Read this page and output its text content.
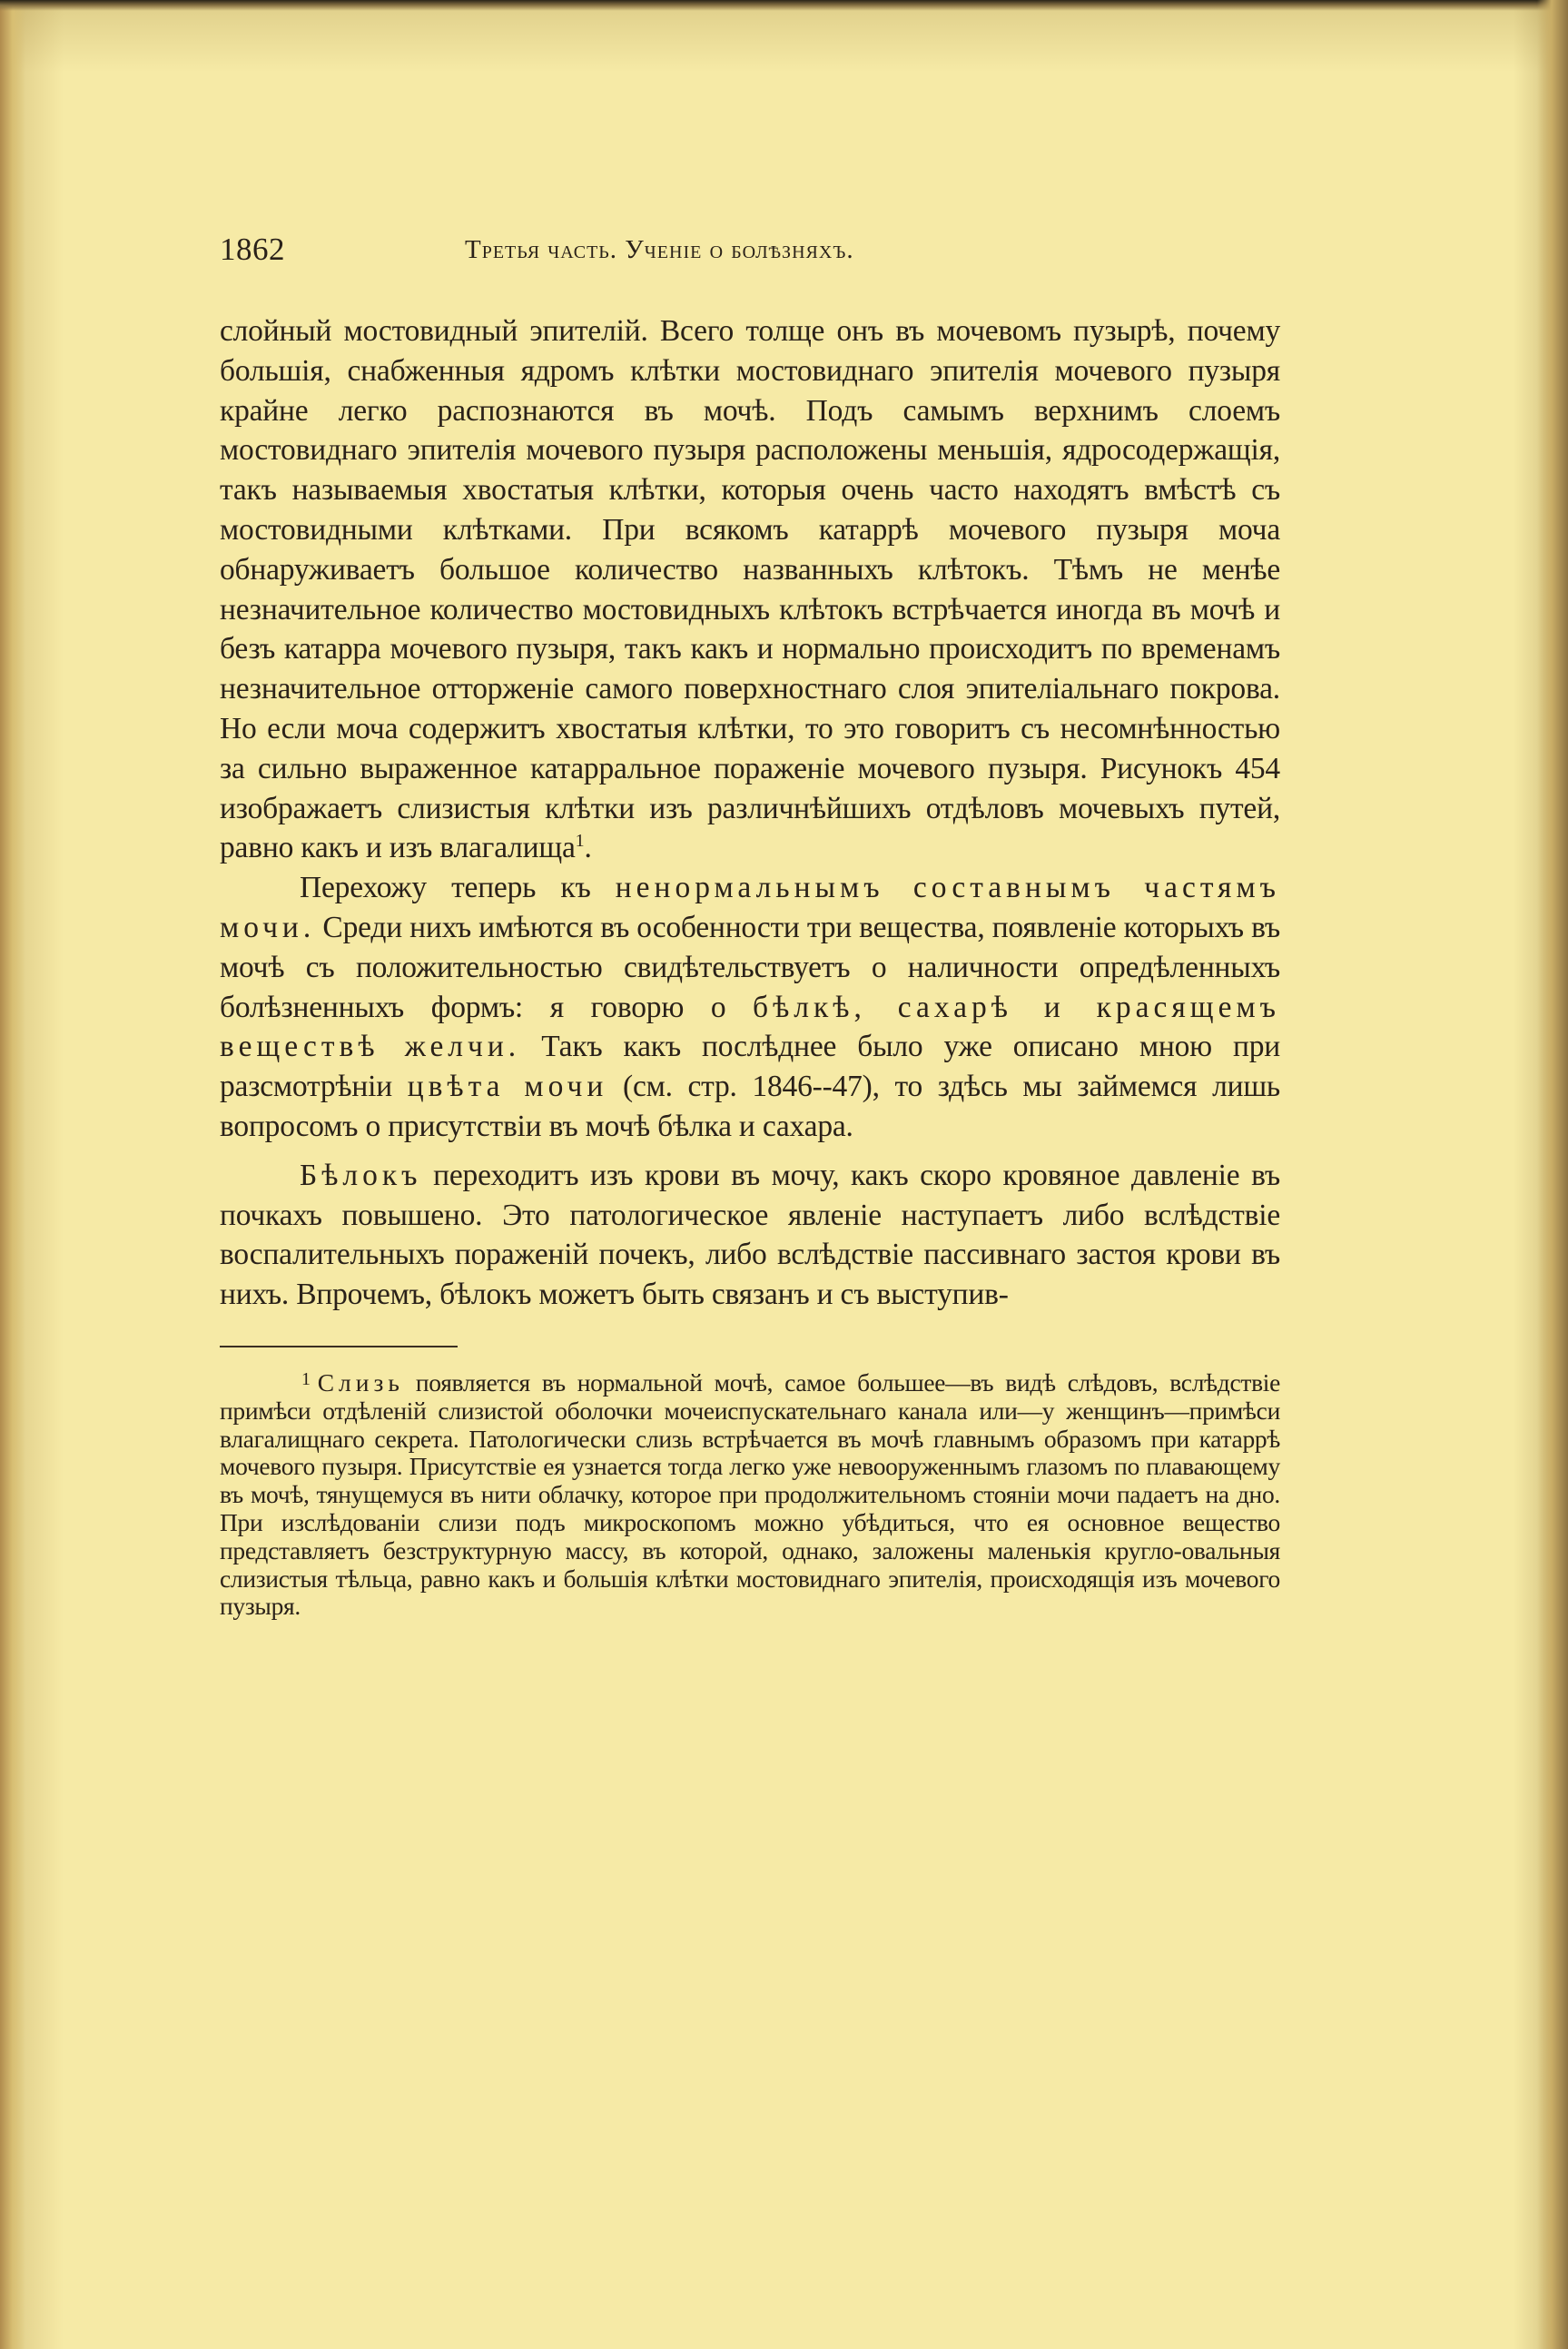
1862	Третья часть. Ученіе о болѣзняхъ.

слойный мостовидный эпителій. Всего толще онъ въ мочевомъ пузырѣ, почему большія, снабженныя ядромъ клѣтки мостовиднаго эпителія мочевого пузыря крайне легко распознаются въ мочѣ. Подъ самымъ верхнимъ слоемъ мостовиднаго эпителія мочевого пузыря расположены меньшія, ядросодержащія, такъ называемыя хвостатыя клѣтки, которыя очень часто находятъ вмѣстѣ съ мостовидными клѣтками. При всякомъ катаррѣ мочевого пузыря моча обнаруживаетъ большое количество названныхъ клѣтокъ. Тѣмъ не менѣе незначительное количество мостовидныхъ клѣтокъ встрѣчается иногда въ мочѣ и безъ катарра мочевого пузыря, такъ какъ и нормально происходитъ по временамъ незначительное отторженіе самого поверхностнаго слоя эпителіальнаго покрова. Но если моча содержитъ хвостатыя клѣтки, то это говоритъ съ несомнѣнностью за сильно выраженное катарральное пораженіе мочевого пузыря. Рисунокъ 454 изображаетъ слизистыя клѣтки изъ различнѣйшихъ отдѣловъ мочевыхъ путей, равно какъ и изъ влагалища$^1$.

Перехожу теперь къ ненормальнымъ составнымъ частямъ мочи. Среди нихъ имѣются въ особенности три вещества, появленіе которыхъ въ мочѣ съ положительностью свидѣтельствуетъ о наличности опредѣленныхъ болѣзненныхъ формъ: я говорю о бѣлкѣ, сахарѣ и красящемъ веществѣ желчи. Такъ какъ послѣднее было уже описано мною при разсмотрѣніи цвѣта мочи (см. стр. 1846--47), то здѣсь мы займемся лишь вопросомъ о присутствіи въ мочѣ бѣлка и сахара.

Бѣлокъ переходитъ изъ крови въ мочу, какъ скоро кровяное давленіе въ почкахъ повышено. Это патологическое явленіе наступаетъ либо вслѣдствіе воспалительныхъ пораженій почекъ, либо вслѣдствіе пассивнаго застоя крови въ нихъ. Впрочемъ, бѣлокъ можетъ быть связанъ и съ выступив-

$^1$ Слизь появляется въ нормальной мочѣ, самое большее—въ видѣ слѣдовъ, вслѣдствіе примѣси отдѣленій слизистой оболочки мочеиспускательнаго канала или—у женщинъ—примѣси влагалищнаго секрета. Патологически слизь встрѣчается въ мочѣ главнымъ образомъ при катаррѣ мочевого пузыря. Присутствіе ея узнается тогда легко уже невооруженнымъ глазомъ по плавающему въ мочѣ, тянущемуся въ нити облачку, которое при продолжительномъ стояніи мочи падаетъ на дно. При изслѣдованіи слизи подъ микроскопомъ можно убѣдиться, что ея основное вещество представляетъ безструктурную массу, въ которой, однако, заложены маленькія кругло-овальныя слизистыя тѣльца, равно какъ и большія клѣтки мостовиднаго эпителія, происходящія изъ мочевого пузыря.
